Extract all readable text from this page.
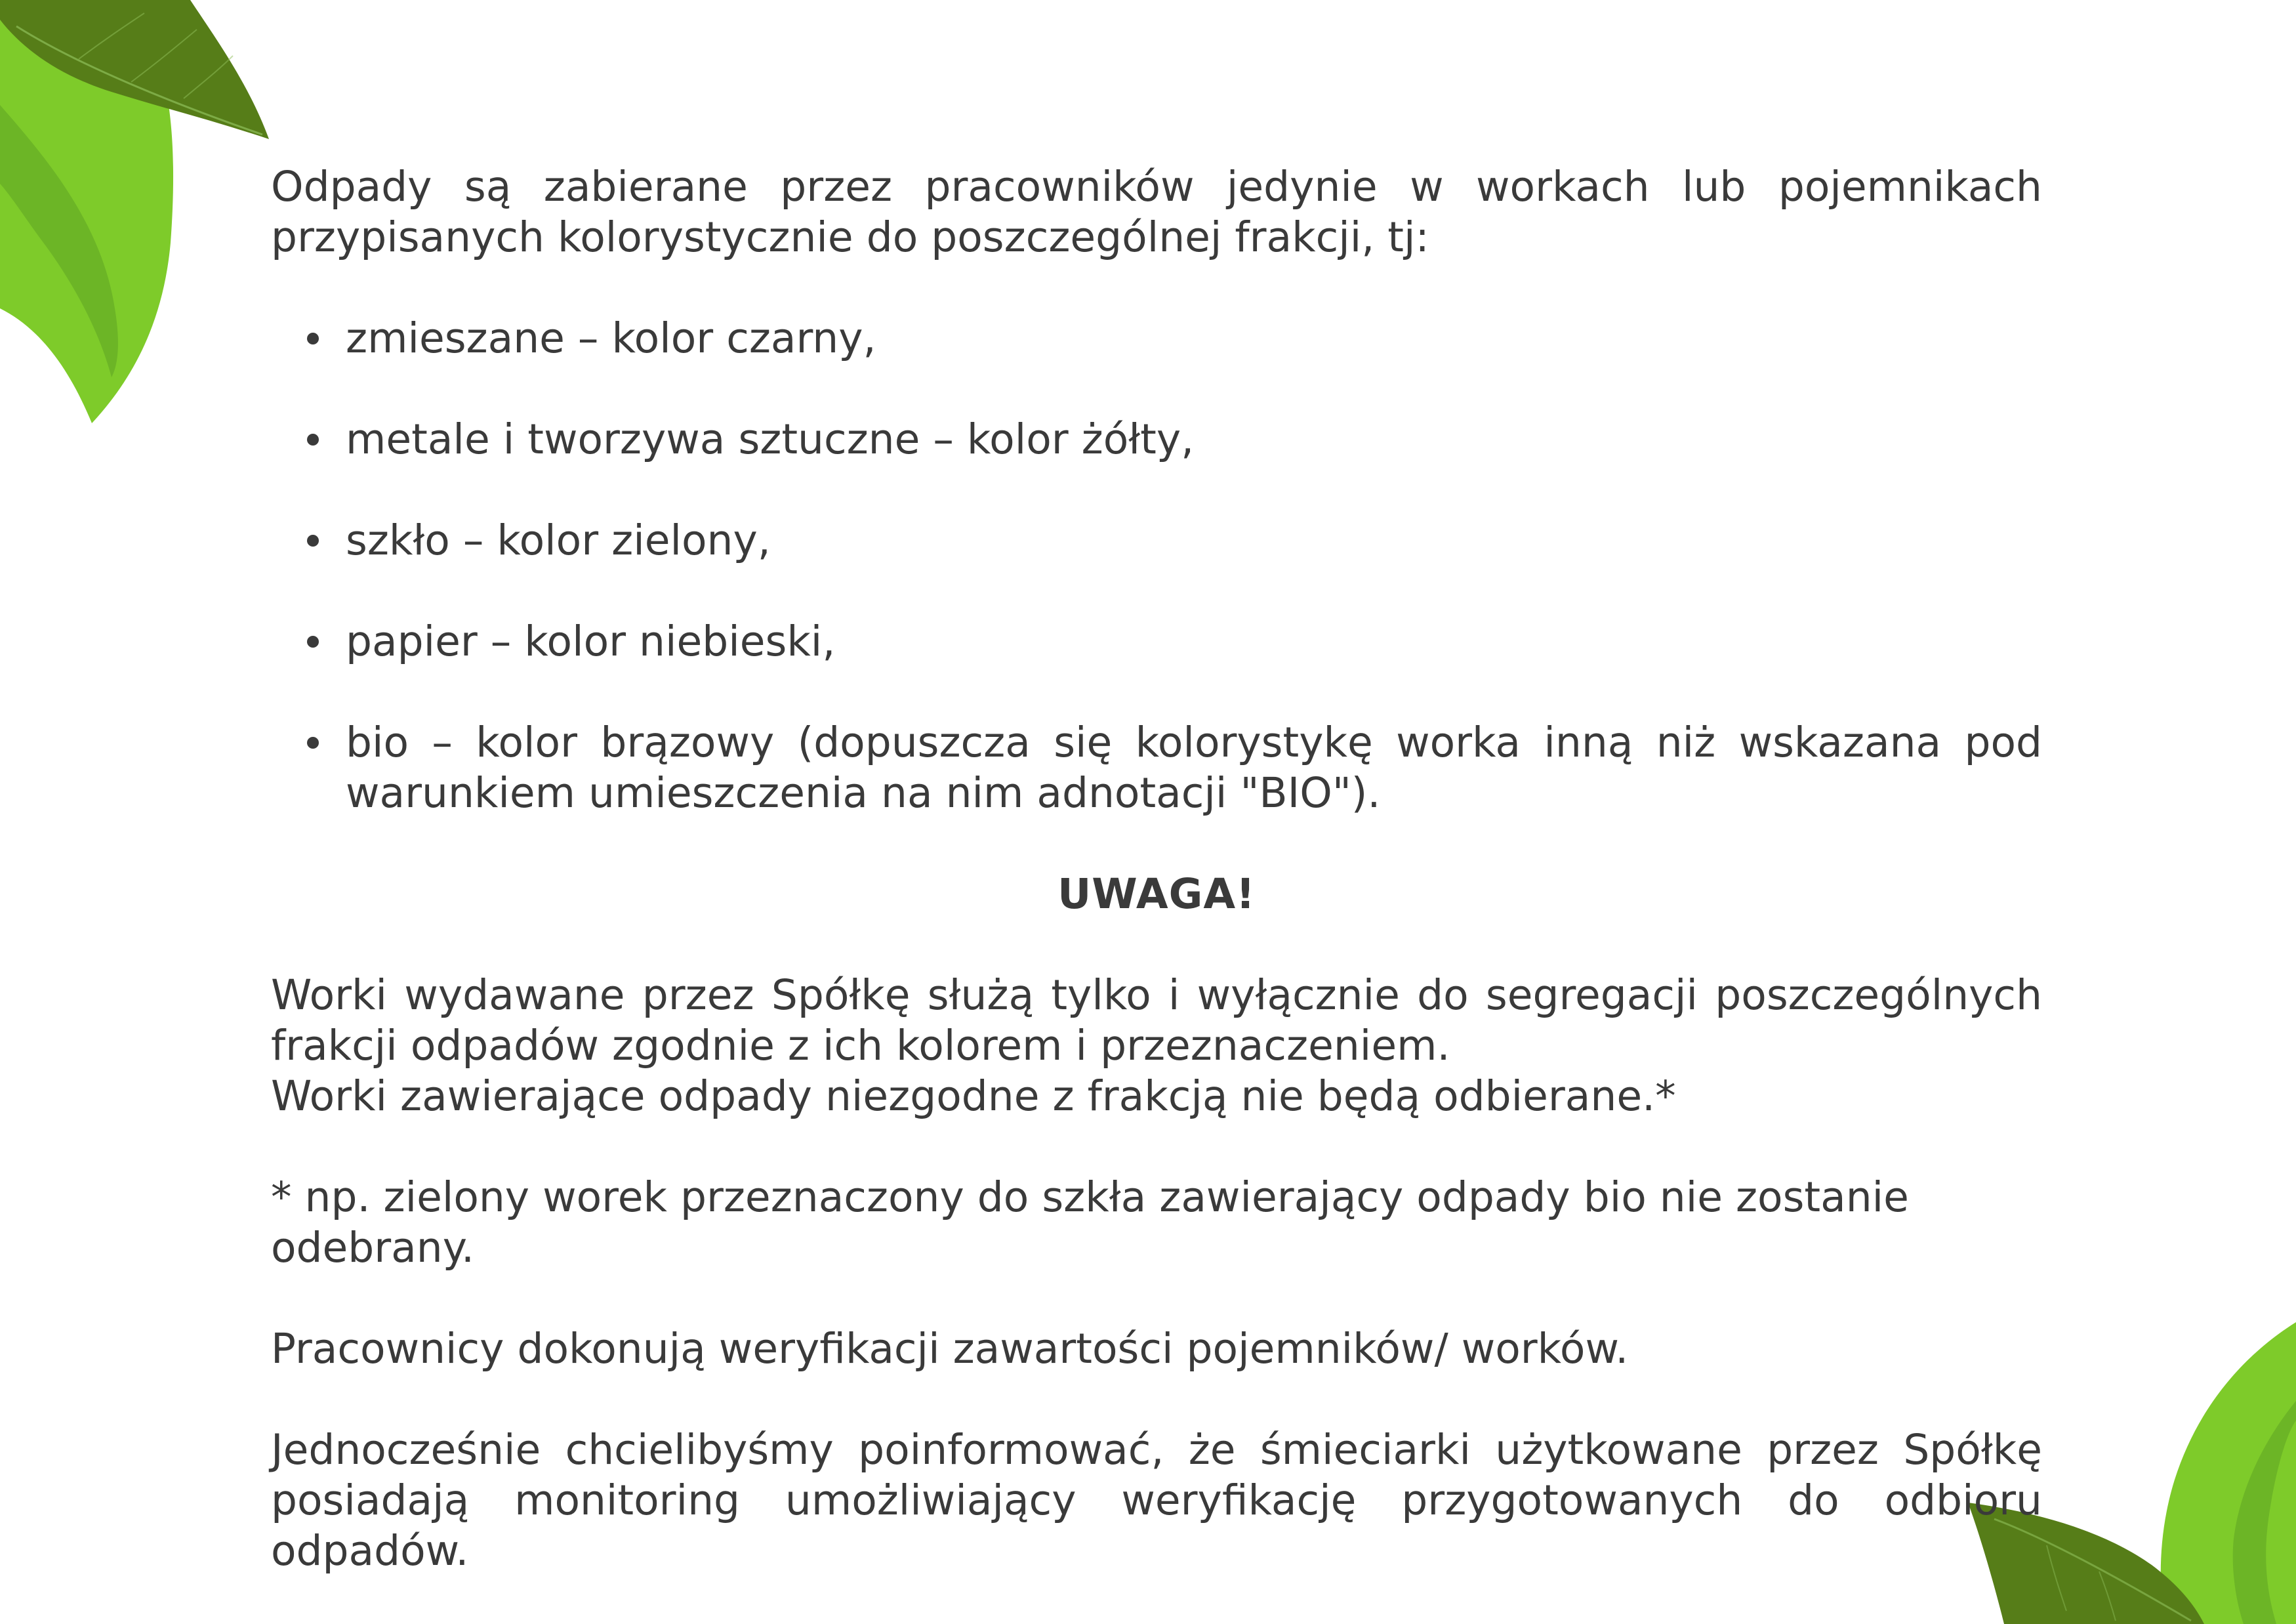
Odpady są zabierane przez pracowników jedynie w workach lub pojemnikach przypisanych kolorystycznie do poszczególnej frakcji, tj:

zmieszane – kolor czarny,
metale i tworzywa sztuczne – kolor żółty,
szkło – kolor zielony,
papier – kolor niebieski,
bio – kolor brązowy (dopuszcza się kolorystykę worka inną niż wskazana pod warunkiem umieszczenia na nim adnotacji "BIO").

UWAGA!

Worki wydawane przez Spółkę służą tylko i wyłącznie do segregacji poszczególnych frakcji odpadów zgodnie z ich kolorem i przeznaczeniem.

Worki zawierające odpady niezgodne z frakcją nie będą odbierane.*

* np. zielony worek przeznaczony do szkła zawierający odpady bio nie zostanie odebrany.

Pracownicy dokonują weryfikacji zawartości pojemników/ worków.

Jednocześnie chcielibyśmy poinformować, że śmieciarki użytkowane przez Spółkę posiadają monitoring umożliwiający weryfikację przygotowanych do odbioru odpadów.
